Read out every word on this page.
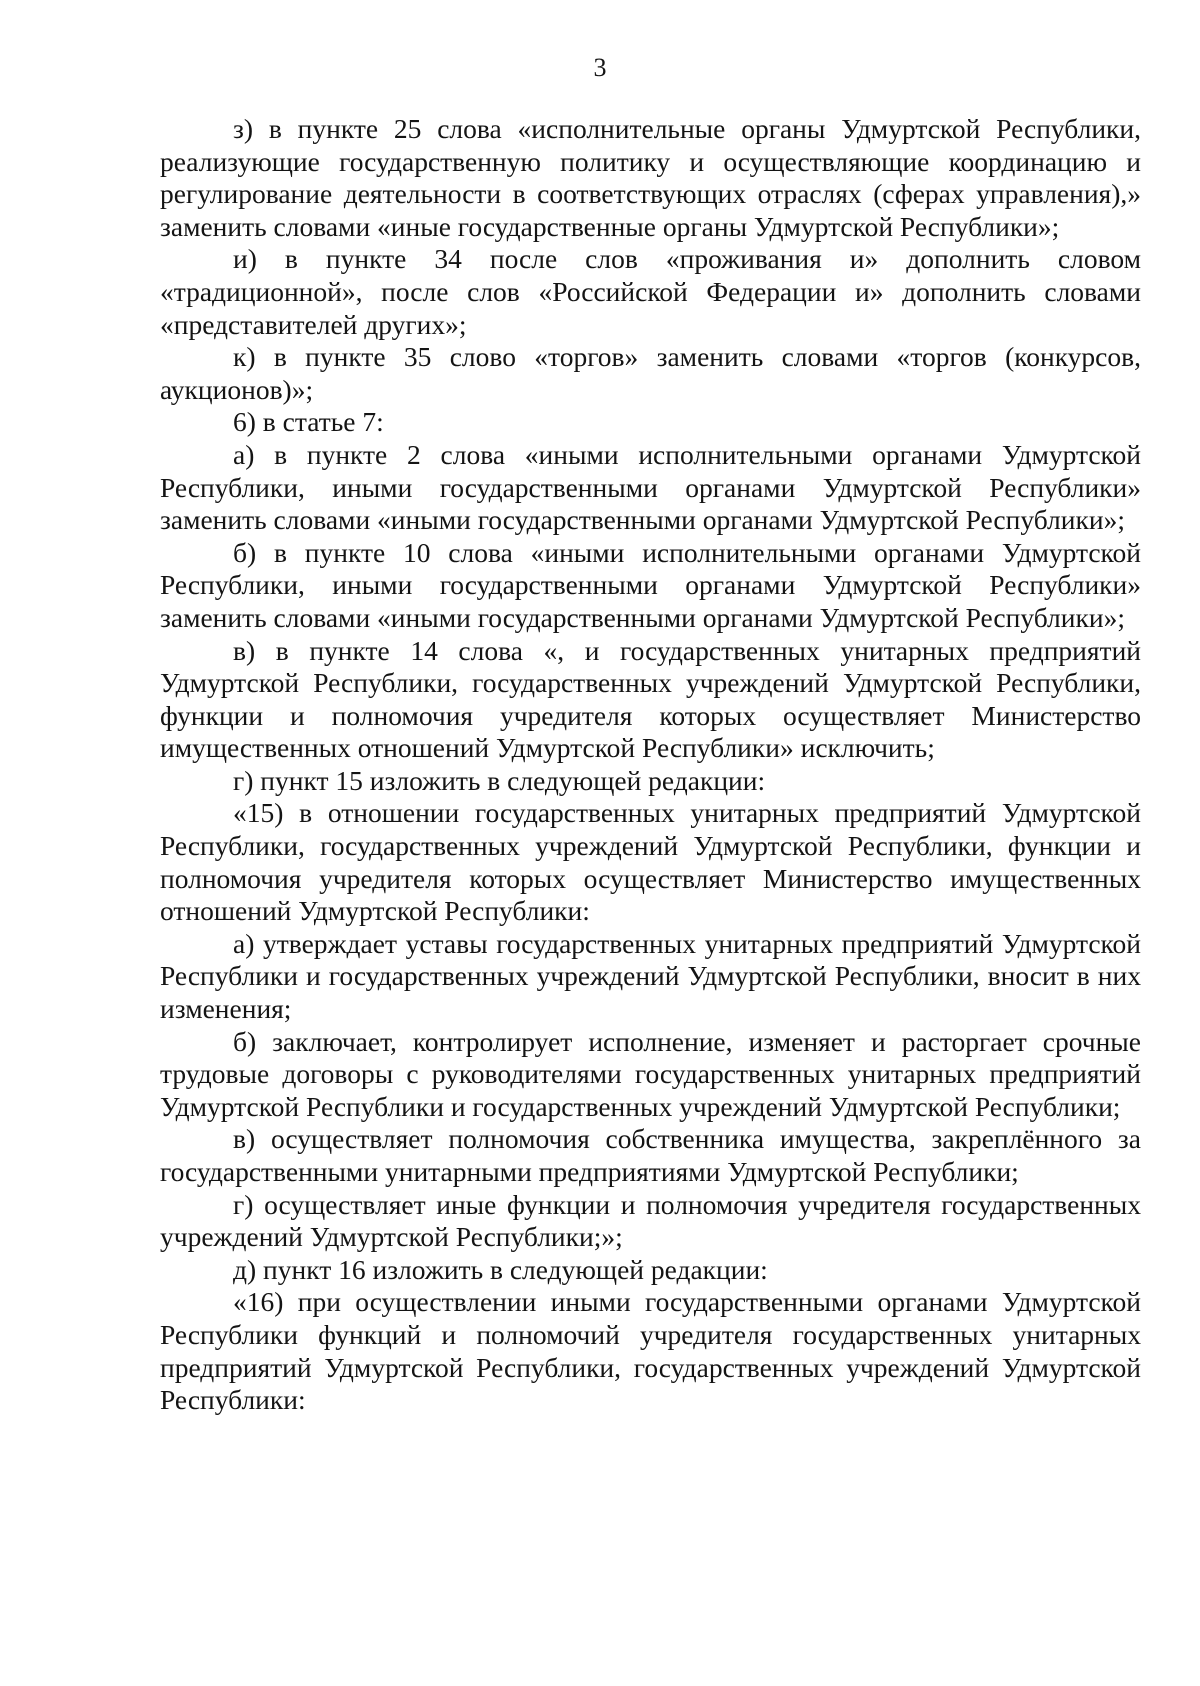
3

з) в пункте 25 слова «исполнительные органы Удмуртской Республики, реализующие государственную политику и осуществляющие координацию и регулирование деятельности в соответствующих отраслях (сферах управления),» заменить словами «иные государственные органы Удмуртской Республики»;

и) в пункте 34 после слов «проживания и» дополнить словом «традиционной», после слов «Российской Федерации и» дополнить словами «представителей других»;

к) в пункте 35 слово «торгов» заменить словами «торгов (конкурсов, аукционов)»;

6) в статье 7:

а) в пункте 2 слова «иными исполнительными органами Удмуртской Республики, иными государственными органами Удмуртской Республики» заменить словами «иными государственными органами Удмуртской Республики»;

б) в пункте 10 слова «иными исполнительными органами Удмуртской Республики, иными государственными органами Удмуртской Республики» заменить словами «иными государственными органами Удмуртской Республики»;

в) в пункте 14 слова «, и государственных унитарных предприятий Удмуртской Республики, государственных учреждений Удмуртской Республики, функции и полномочия учредителя которых осуществляет Министерство имущественных отношений Удмуртской Республики» исключить;

г) пункт 15 изложить в следующей редакции:

«15) в отношении государственных унитарных предприятий Удмуртской Республики, государственных учреждений Удмуртской Республики, функции и полномочия учредителя которых осуществляет Министерство имущественных отношений Удмуртской Республики:

а) утверждает уставы государственных унитарных предприятий Удмуртской Республики и государственных учреждений Удмуртской Республики, вносит в них изменения;

б) заключает, контролирует исполнение, изменяет и расторгает срочные трудовые договоры с руководителями государственных унитарных предприятий Удмуртской Республики и государственных учреждений Удмуртской Республики;

в) осуществляет полномочия собственника имущества, закреплённого за государственными унитарными предприятиями Удмуртской Республики;

г) осуществляет иные функции и полномочия учредителя государственных учреждений Удмуртской Республики;»;

д) пункт 16 изложить в следующей редакции:

«16) при осуществлении иными государственными органами Удмуртской Республики функций и полномочий учредителя государственных унитарных предприятий Удмуртской Республики, государственных учреждений Удмуртской Республики:
